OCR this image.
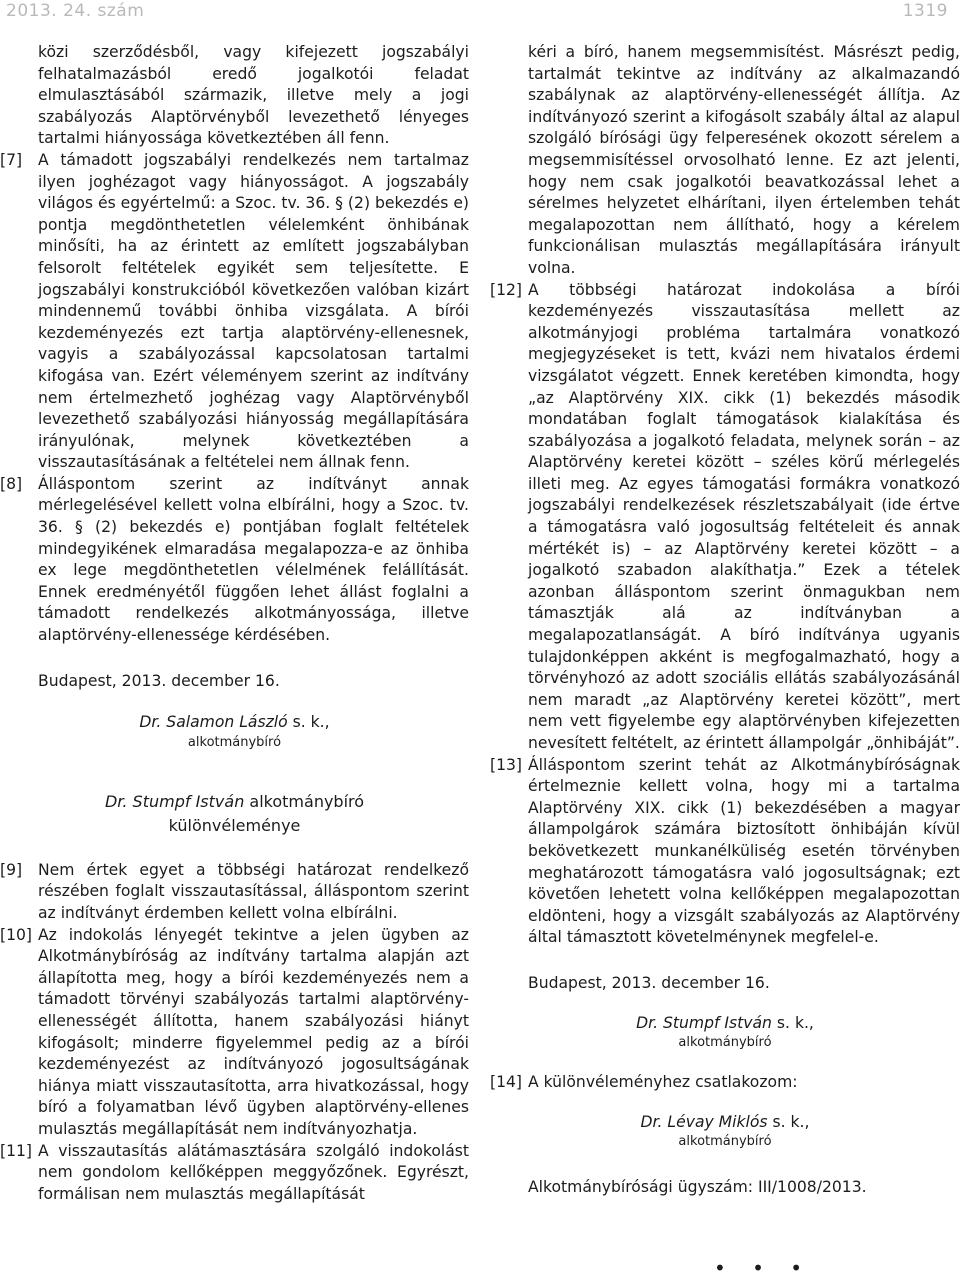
2013. 24. szám	1319

közi szerződésből, vagy kifejezett jogszabályi felhatalmazásból eredő jogalkotói feladat elmulasztásából származik, illetve mely a jogi szabályozás Alaptörvényből levezethető lényeges tartalmi hiányossága következtében áll fenn.

[7] A támadott jogszabályi rendelkezés nem tartalmaz ilyen joghézagot vagy hiányosságot. A jogszabály világos és egyértelmű: a Szoc. tv. 36. § (2) bekezdés e) pontja megdönthetetlen vélelemként önhibának minősíti, ha az érintett az említett jogszabályban felsorolt feltételek egyikét sem teljesítette. E jogszabályi konstrukcióból következően valóban kizárt mindennemű további önhiba vizsgálata. A bírói kezdeményezés ezt tartja alaptörvény-ellenesnek, vagyis a szabályozással kapcsolatosan tartalmi kifogása van. Ezért véleményem szerint az indítvány nem értelmezhető joghézag vagy Alaptörvényből levezethető szabályozási hiányosság megállapítására irányulónak, melynek következtében a visszautasításának a feltételei nem állnak fenn.

[8] Álláspontom szerint az indítványt annak mérlegelésével kellett volna elbírálni, hogy a Szoc. tv. 36. § (2) bekezdés e) pontjában foglalt feltételek mindegyikének elmaradása megalapozza-e az önhiba ex lege megdönthetetlen vélelmének felállítását. Ennek eredményétől függően lehet állást foglalni a támadott rendelkezés alkotmányossága, illetve alaptörvény-ellenessége kérdésében.

Budapest, 2013. december 16.

Dr. Salamon László s. k.,

alkotmánybíró

Dr. Stumpf István alkotmánybíró

különvéleménye

[9] Nem értek egyet a többségi határozat rendelkező részében foglalt visszautasítással, álláspontom szerint az indítványt érdemben kellett volna elbírálni.

[10] Az indokolás lényegét tekintve a jelen ügyben az Alkotmánybíróság az indítvány tartalma alapján azt állapította meg, hogy a bírói kezdeményezés nem a támadott törvényi szabályozás tartalmi alaptörvény-ellenességét állította, hanem szabályozási hiányt kifogásolt; minderre figyelemmel pedig az a bírói kezdeményezést az indítványozó jogosultságának hiánya miatt visszautasította, arra hivatkozással, hogy bíró a folyamatban lévő ügyben alaptörvény-ellenes mulasztás megállapítását nem indítványozhatja.

[11] A visszautasítás alátámasztására szolgáló indokolást nem gondolom kellőképpen meggyőzőnek. Egyrészt, formálisan nem mulasztás megállapítását

kéri a bíró, hanem megsemmisítést. Másrészt pedig, tartalmát tekintve az indítvány az alkalmazandó szabálynak az alaptörvény-ellenességét állítja. Az indítványozó szerint a kifogásolt szabály által az alapul szolgáló bírósági ügy felperesének okozott sérelem a megsemmisítéssel orvosolható lenne. Ez azt jelenti, hogy nem csak jogalkotói beavatkozással lehet a sérelmes helyzetet elhárítani, ilyen értelemben tehát megalapozottan nem állítható, hogy a kérelem funkcionálisan mulasztás megállapítására irányult volna.

[12] A többségi határozat indokolása a bírói kezdeményezés visszautasítása mellett az alkotmányjogi probléma tartalmára vonatkozó megjegyzéseket is tett, kvázi nem hivatalos érdemi vizsgálatot végzett. Ennek keretében kimondta, hogy „az Alaptörvény XIX. cikk (1) bekezdés második mondatában foglalt támogatások kialakítása és szabályozása a jogalkotó feladata, melynek során – az Alaptörvény keretei között – széles körű mérlegelés illeti meg. Az egyes támogatási formákra vonatkozó jogszabályi rendelkezések részletszabályait (ide értve a támogatásra való jogosultság feltételeit és annak mértékét is) – az Alaptörvény keretei között – a jogalkotó szabadon alakíthatja.” Ezek a tételek azonban álláspontom szerint önmagukban nem támasztják alá az indítványban a megalapozatlanságát. A bíró indítványa ugyanis tulajdonképpen akként is megfogalmazható, hogy a törvényhozó az adott szociális ellátás szabályozásánál nem maradt „az Alaptörvény keretei között”, mert nem vett figyelembe egy alaptörvényben kifejezetten nevesített feltételt, az érintett állampolgár „önhibáját”.

[13] Álláspontom szerint tehát az Alkotmánybíróságnak értelmeznie kellett volna, hogy mi a tartalma Alaptörvény XIX. cikk (1) bekezdésében a magyar állampolgárok számára biztosított önhibáján kívül bekövetkezett munkanélküliség esetén törvényben meghatározott támogatásra való jogosultságnak; ezt követően lehetett volna kellőképpen megalapozottan eldönteni, hogy a vizsgált szabályozás az Alaptörvény által támasztott követelménynek megfelel-e.

Budapest, 2013. december 16.

Dr. Stumpf István s. k.,

alkotmánybíró

[14] A különvéleményhez csatlakozom:

Dr. Lévay Miklós s. k.,

alkotmánybíró

Alkotmánybírósági ügyszám: III/1008/2013.

• • •
